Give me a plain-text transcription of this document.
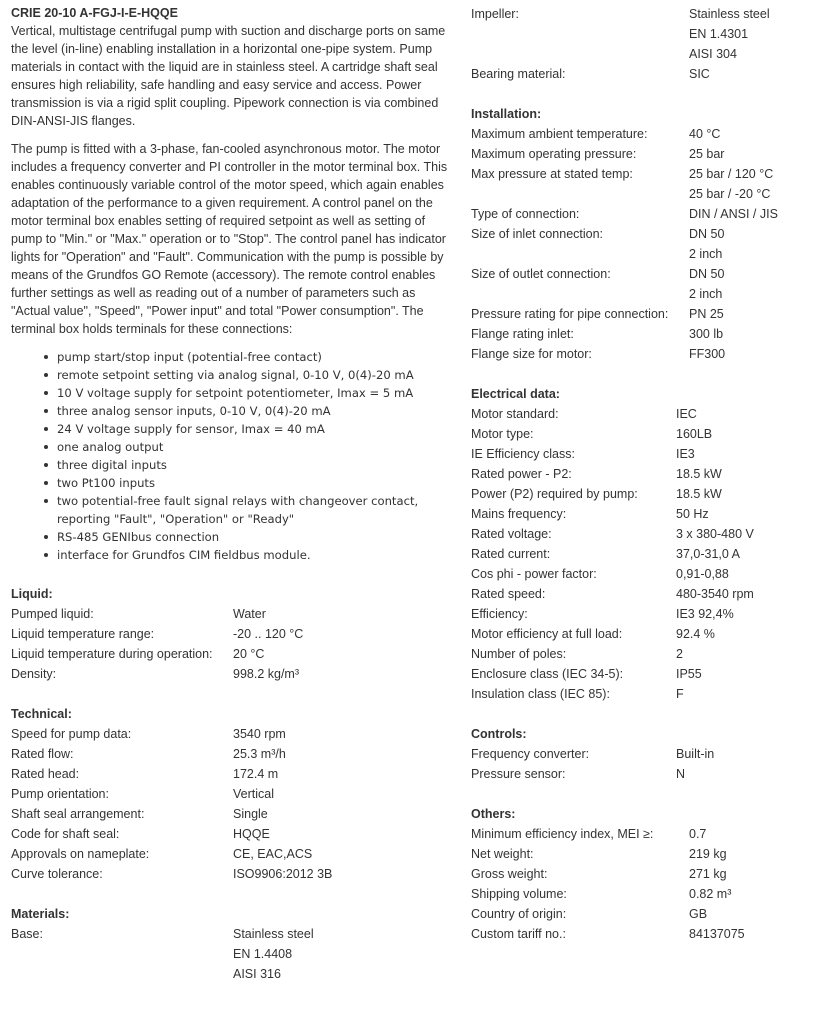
CRIE 20-10 A-FGJ-I-E-HQQE

Vertical, multistage centrifugal pump with suction and discharge ports on same the level (in-line) enabling installation in a horizontal one-pipe system. Pump materials in contact with the liquid are in stainless steel. A cartridge shaft seal ensures high reliability, safe handling and easy service and access. Power transmission is via a rigid split coupling. Pipework connection is via combined DIN-ANSI-JIS flanges.

The pump is fitted with a 3-phase, fan-cooled asynchronous motor. The motor includes a frequency converter and PI controller in the motor terminal box. This enables continuously variable control of the motor speed, which again enables adaptation of the performance to a given requirement. A control panel on the motor terminal box enables setting of required setpoint as well as setting of pump to "Min." or "Max." operation or to "Stop". The control panel has indicator lights for "Operation" and "Fault". Communication with the pump is possible by means of the Grundfos GO Remote (accessory). The remote control enables further settings as well as reading out of a number of parameters such as "Actual value", "Speed", "Power input" and total "Power consumption". The terminal box holds terminals for these connections:

pump start/stop input (potential-free contact)
remote setpoint setting via analog signal, 0-10 V, 0(4)-20 mA
10 V voltage supply for setpoint potentiometer, Imax = 5 mA
three analog sensor inputs, 0-10 V, 0(4)-20 mA
24 V voltage supply for sensor, Imax = 40 mA
one analog output
three digital inputs
two Pt100 inputs
two potential-free fault signal relays with changeover contact, reporting "Fault", "Operation" or "Ready"
RS-485 GENIbus connection
interface for Grundfos CIM fieldbus module.
Liquid:
Pumped liquid:	Water
Liquid temperature range:	-20 .. 120 °C
Liquid temperature during operation:	20 °C
Density:	998.2 kg/m³
Technical:
Speed for pump data:	3540 rpm
Rated flow:	25.3 m³/h
Rated head:	172.4 m
Pump orientation:	Vertical
Shaft seal arrangement:	Single
Code for shaft seal:	HQQE
Approvals on nameplate:	CE, EAC,ACS
Curve tolerance:	ISO9906:2012 3B
Materials:
Base:	Stainless steel
EN 1.4408
AISI 316
Impeller:	Stainless steel
EN 1.4301
AISI 304
Bearing material:	SIC
Installation:
Maximum ambient temperature:	40 °C
Maximum operating pressure:	25 bar
Max pressure at stated temp:	25 bar / 120 °C
25 bar / -20 °C
Type of connection:	DIN / ANSI / JIS
Size of inlet connection:	DN 50
2 inch
Size of outlet connection:	DN 50
2 inch
Pressure rating for pipe connection:	PN 25
Flange rating inlet:	300 lb
Flange size for motor:	FF300
Electrical data:
Motor standard:	IEC
Motor type:	160LB
IE Efficiency class:	IE3
Rated power - P2:	18.5 kW
Power (P2) required by pump:	18.5 kW
Mains frequency:	50 Hz
Rated voltage:	3 x 380-480 V
Rated current:	37,0-31,0 A
Cos phi - power factor:	0,91-0,88
Rated speed:	480-3540 rpm
Efficiency:	IE3 92,4%
Motor efficiency at full load:	92.4 %
Number of poles:	2
Enclosure class (IEC 34-5):	IP55
Insulation class (IEC 85):	F
Controls:
Frequency converter:	Built-in
Pressure sensor:	N
Others:
Minimum efficiency index, MEI ≥:	0.7
Net weight:	219 kg
Gross weight:	271 kg
Shipping volume:	0.82 m³
Country of origin:	GB
Custom tariff no.:	84137075
